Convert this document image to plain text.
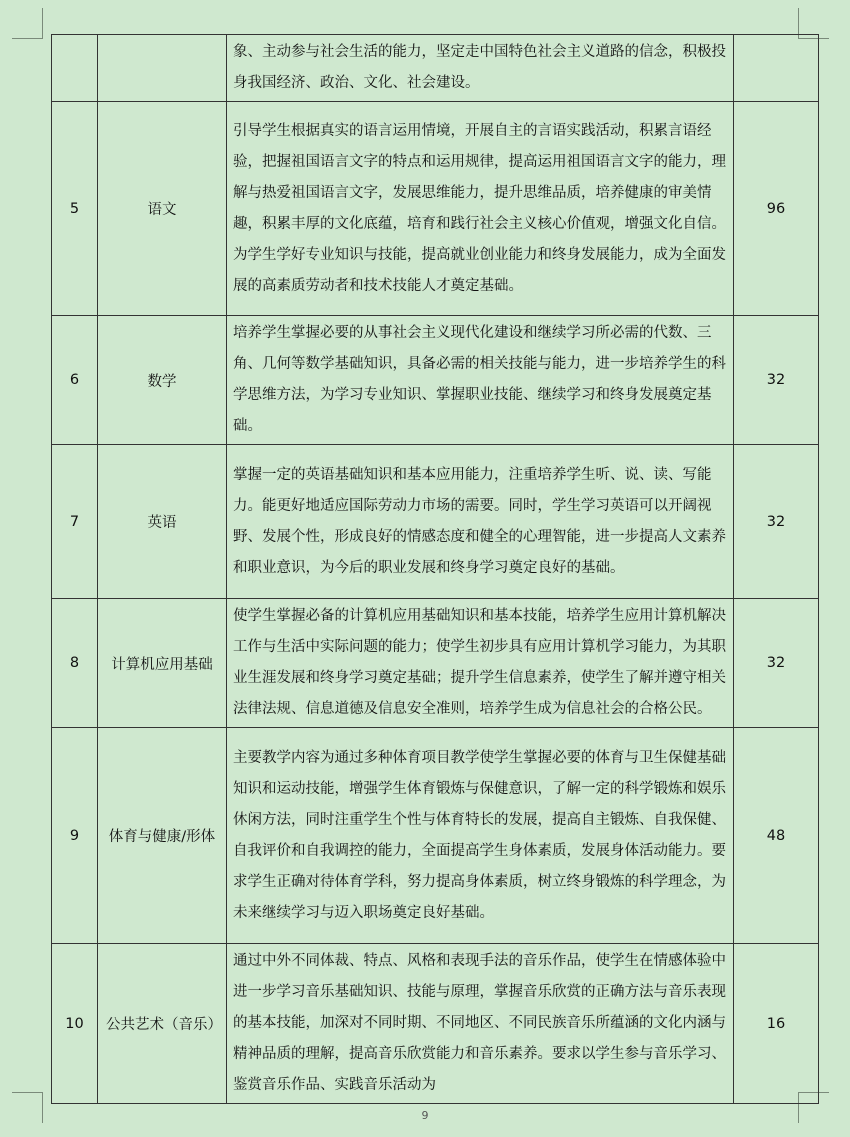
		象、主动参与社会生活的能力，坚定走中国特色社会主义道路的信念，积极投身我国经济、政治、文化、社会建设。	
5	语文	引导学生根据真实的语言运用情境，开展自主的言语实践活动，积累言语经验，把握祖国语言文字的特点和运用规律，提高运用祖国语言文字的能力，理解与热爱祖国语言文字，发展思维能力，提升思维品质，培养健康的审美情趣，积累丰厚的文化底蕴，培育和践行社会主义核心价值观，增强文化自信。为学生学好专业知识与技能，提高就业创业能力和终身发展能力，成为全面发展的高素质劳动者和技术技能人才奠定基础。	96
6	数学	培养学生掌握必要的从事社会主义现代化建设和继续学习所必需的代数、三角、几何等数学基础知识，具备必需的相关技能与能力，进一步培养学生的科学思维方法，为学习专业知识、掌握职业技能、继续学习和终身发展奠定基础。	32
7	英语	掌握一定的英语基础知识和基本应用能力，注重培养学生听、说、读、写能力。能更好地适应国际劳动力市场的需要。同时，学生学习英语可以开阔视野、发展个性，形成良好的情感态度和健全的心理智能，进一步提高人文素养和职业意识，为今后的职业发展和终身学习奠定良好的基础。	32
8	计算机应用基础	使学生掌握必备的计算机应用基础知识和基本技能，培养学生应用计算机解决工作与生活中实际问题的能力；使学生初步具有应用计算机学习能力，为其职业生涯发展和终身学习奠定基础；提升学生信息素养，使学生了解并遵守相关法律法规、信息道德及信息安全准则，培养学生成为信息社会的合格公民。	32
9	体育与健康/形体	主要教学内容为通过多种体育项目教学使学生掌握必要的体育与卫生保健基础知识和运动技能，增强学生体育锻炼与保健意识，了解一定的科学锻炼和娱乐休闲方法，同时注重学生个性与体育特长的发展，提高自主锻炼、自我保健、自我评价和自我调控的能力，全面提高学生身体素质，发展身体活动能力。要求学生正确对待体育学科，努力提高身体素质，树立终身锻炼的科学理念，为未来继续学习与迈入职场奠定良好基础。	48
10	公共艺术（音乐）	通过中外不同体裁、特点、风格和表现手法的音乐作品，使学生在情感体验中进一步学习音乐基础知识、技能与原理，掌握音乐欣赏的正确方法与音乐表现的基本技能，加深对不同时期、不同地区、不同民族音乐所蕴涵的文化内涵与精神品质的理解，提高音乐欣赏能力和音乐素养。要求以学生参与音乐学习、鉴赏音乐作品、实践音乐活动为	16
9
